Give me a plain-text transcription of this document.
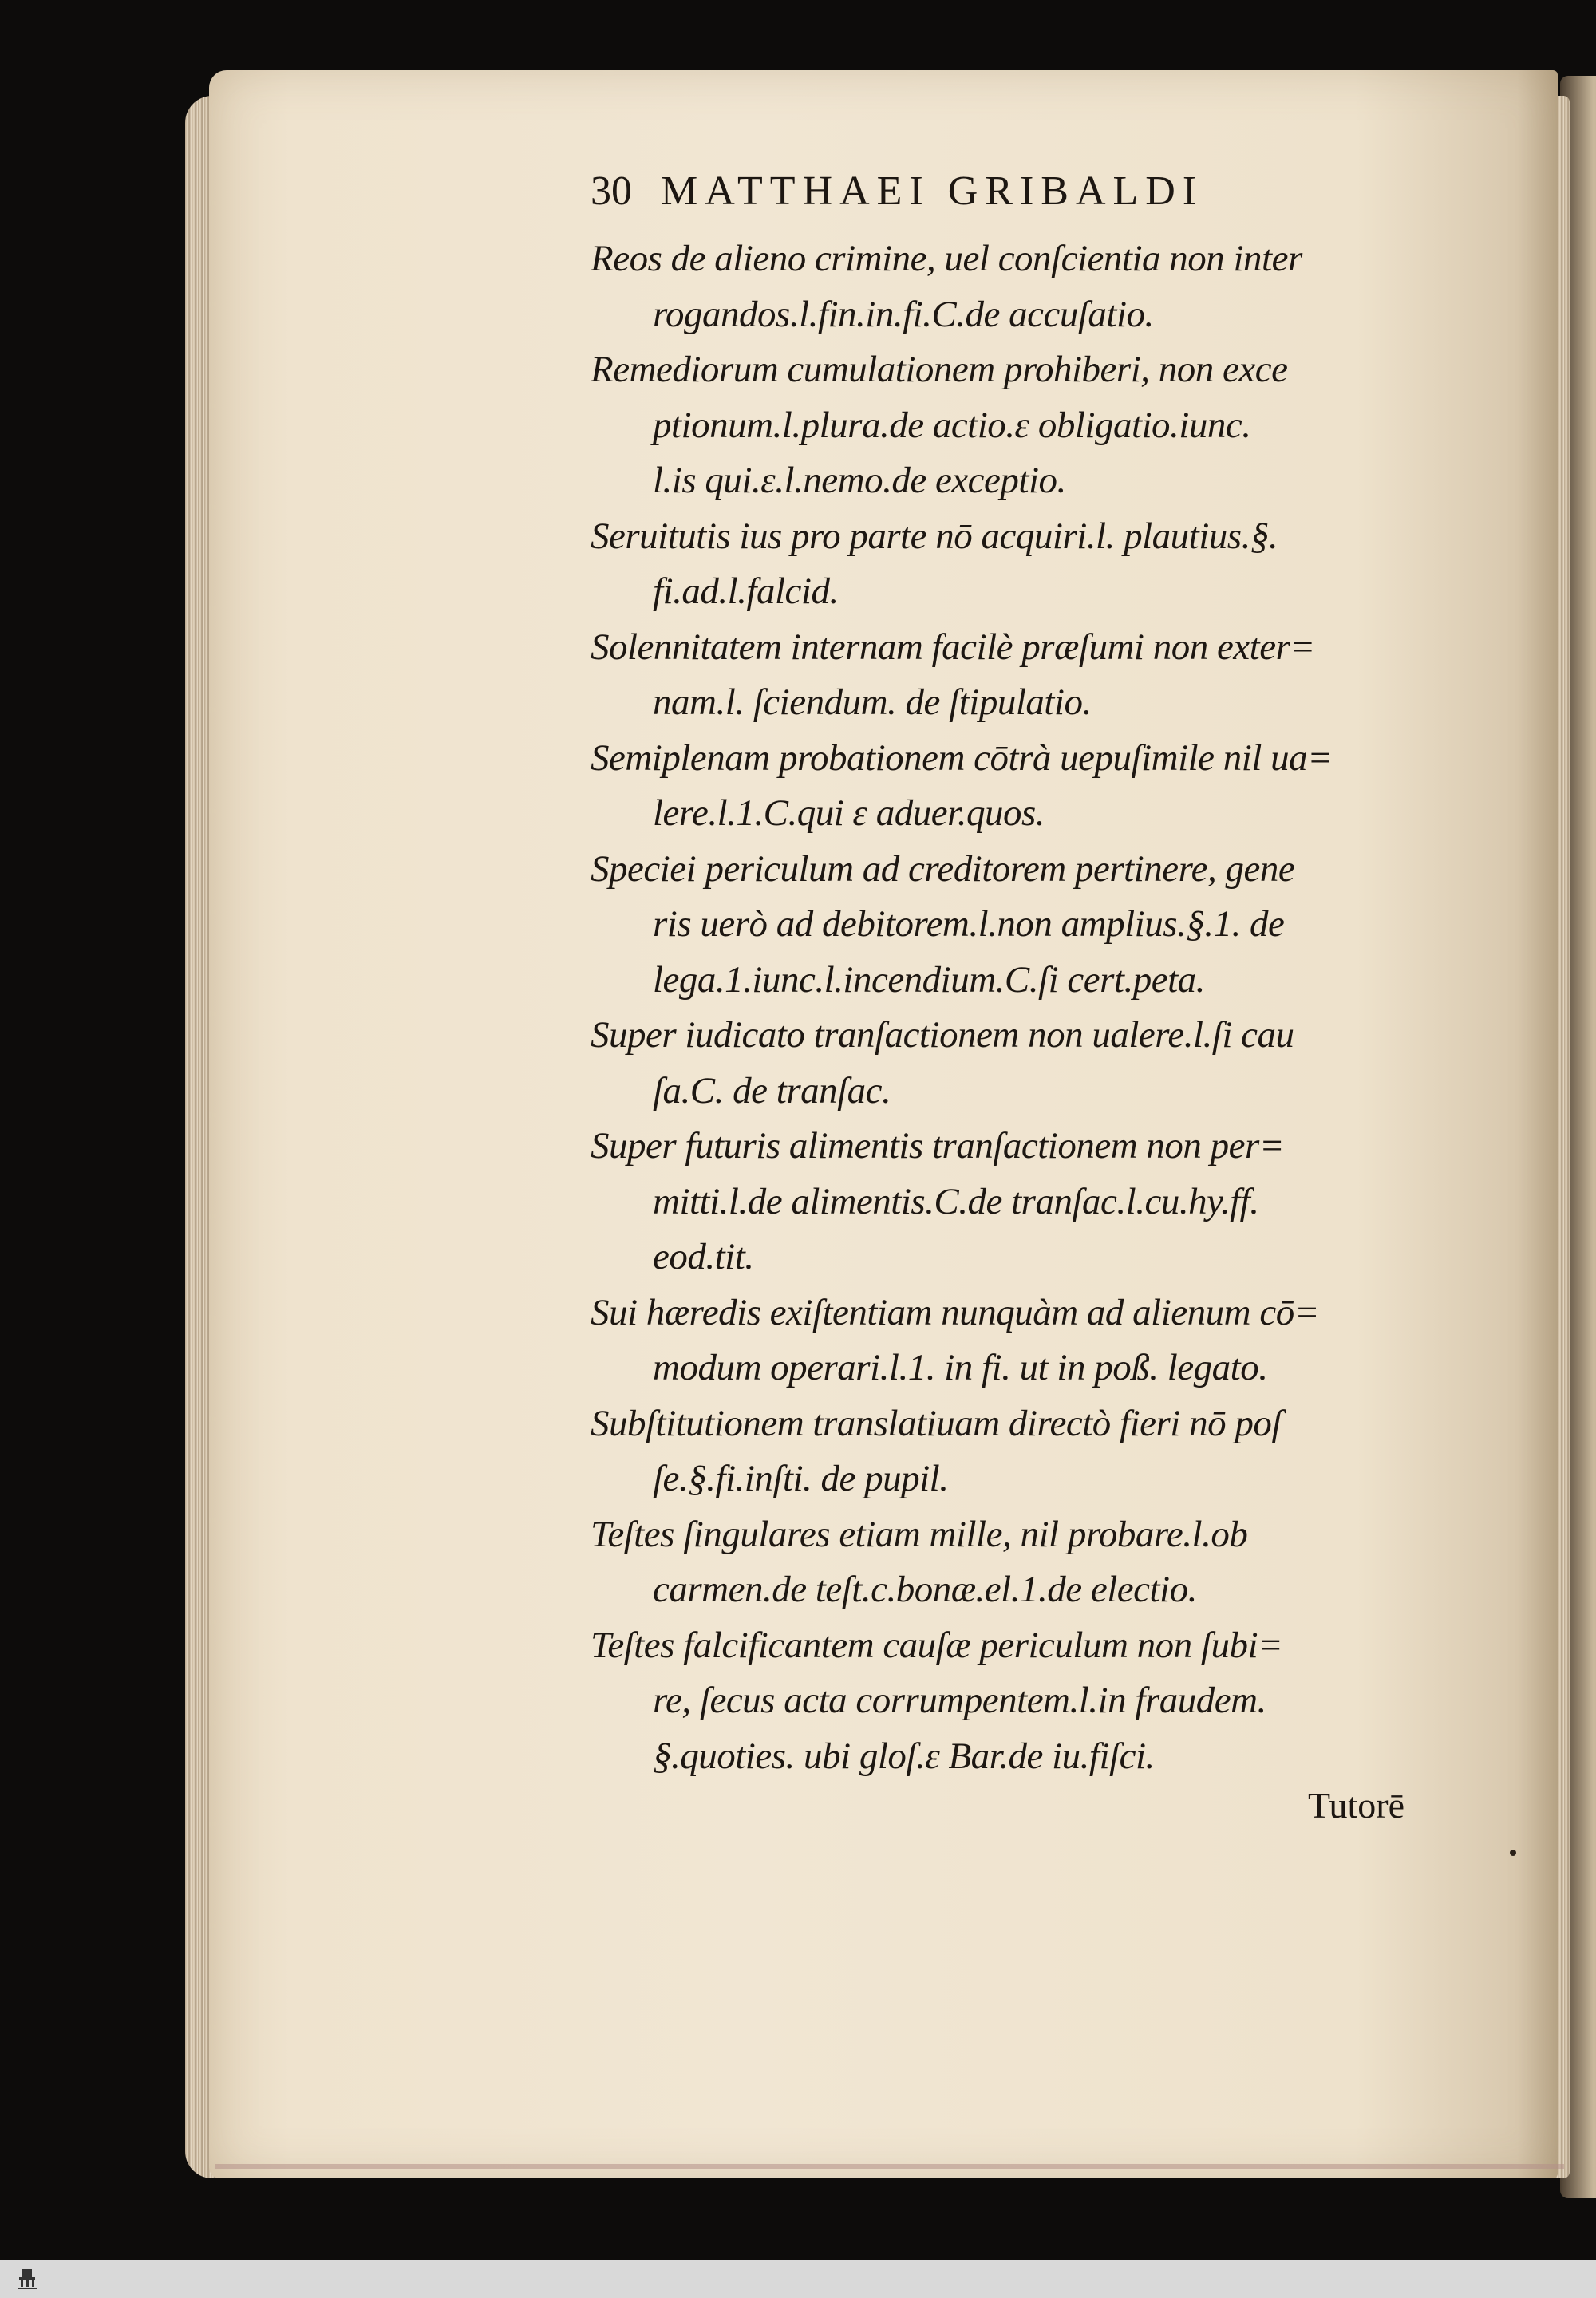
30 MATTHAEI GRIBALDI
Reos de alieno crimine, uel conſcientia non inter
rogandos.l.fin.in.fi.C.de accuſatio.
Remediorum cumulationem prohiberi, non exce
ptionum.l.plura.de actio.ɛ obligatio.iunc.
l.is qui.ɛ.l.nemo.de exceptio.
Seruitutis ius pro parte nō acquiri.l. plautius.§.
fi.ad.l.falcid.
Solennitatem internam facilè præſumi non exter=
nam.l. ſciendum. de ſtipulatio.
Semiplenam probationem cōtrà uериſimile nil ua=
lere.l.1.C.qui ɛ aduer.quos.
Speciei periculum ad creditorem pertinere, gene
ris uerò ad debitorem.l.non amplius.§.1. de
lega.1.iunc.l.incendium.C.ſi cert.peta.
Super iudicato tranſactionem non ualere.l.ſi cau
ſa.C. de tranſac.
Super futuris alimentis tranſactionem non per=
mitti.l.de alimentis.C.de tranſac.l.cu.hy.ff.
eod.tit.
Sui hæredis exiſtentiam nunquàm ad alienum cō=
modum operari.l.1. in fi. ut in poß. legato.
Subſtitutionem translatiuam directò fieri nō poſ
ſe.§.fi.inſti. de pupil.
Teſtes ſingulares etiam mille, nil probare.l.ob
carmen.de teſt.c.bonæ.el.1.de electio.
Teſtes falcificantem cauſæ periculum non ſubi=
re, ſecus acta corrumpentem.l.in fraudem.
§.quoties. ubi gloſ.ɛ Bar.de iu.fiſci.
Tutorē
